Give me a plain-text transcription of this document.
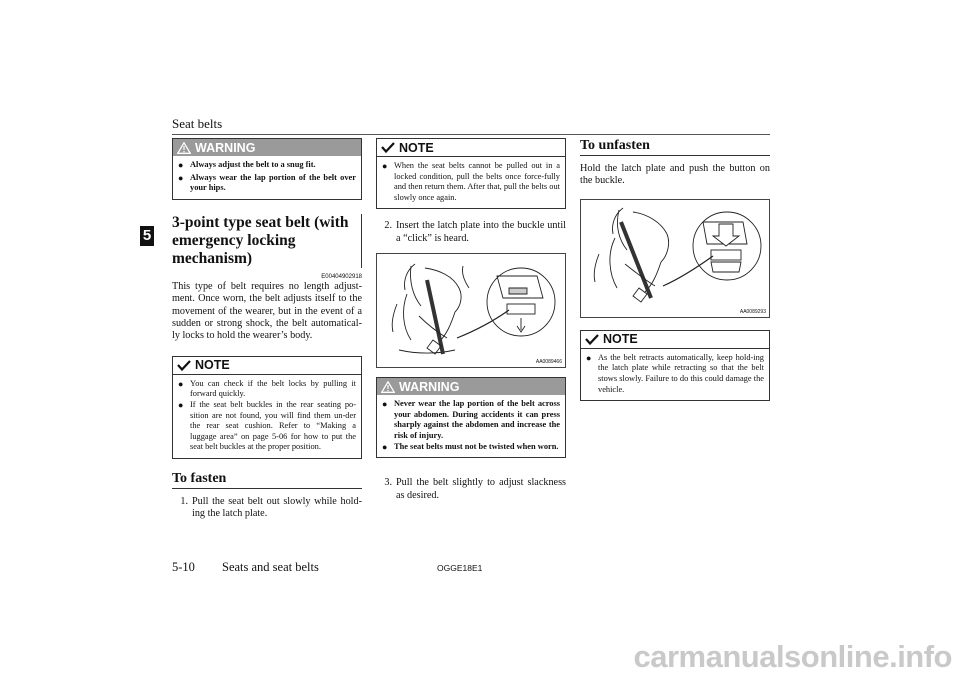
Seat belts
5
WARNING
● Always adjust the belt to a snug fit.
● Always wear the lap portion of the belt over your hips.
3-point type seat belt (with
emergency locking mechanism)
E00404902918
This type of belt requires no length adjust-ment. Once worn, the belt adjusts itself to the movement of the wearer, but in the event of a sudden or strong shock, the belt automatical-ly locks to hold the wearer’s body.
NOTE
● You can check if the belt locks by pulling it forward quickly.
● If the seat belt buckles in the rear seating po-sition are not found, you will find them un-der the rear seat cushion. Refer to “Making a luggage area” on page 5-06 for how to put the seat belt buckles at the proper position.
To fasten
1. Pull the seat belt out slowly while hold-ing the latch plate.
NOTE
● When the seat belts cannot be pulled out in a locked condition, pull the belts once force-fully and then return them. After that, pull the belts out slowly once again.
2. Insert the latch plate into the buckle until a “click” is heard.
AA0089466
WARNING
● Never wear the lap portion of the belt across your abdomen. During accidents it can press sharply against the abdomen and increase the risk of injury.
● The seat belts must not be twisted when worn.
3. Pull the belt slightly to adjust slackness as desired.
To unfasten
Hold the latch plate and push the button on the buckle.
AA0089293
NOTE
● As the belt retracts automatically, keep hold-ing the latch plate while retracting so that the belt stows slowly. Failure to do this could damage the vehicle.
5-10 Seats and seat belts	OGGE18E1
carmanualsonline.info
